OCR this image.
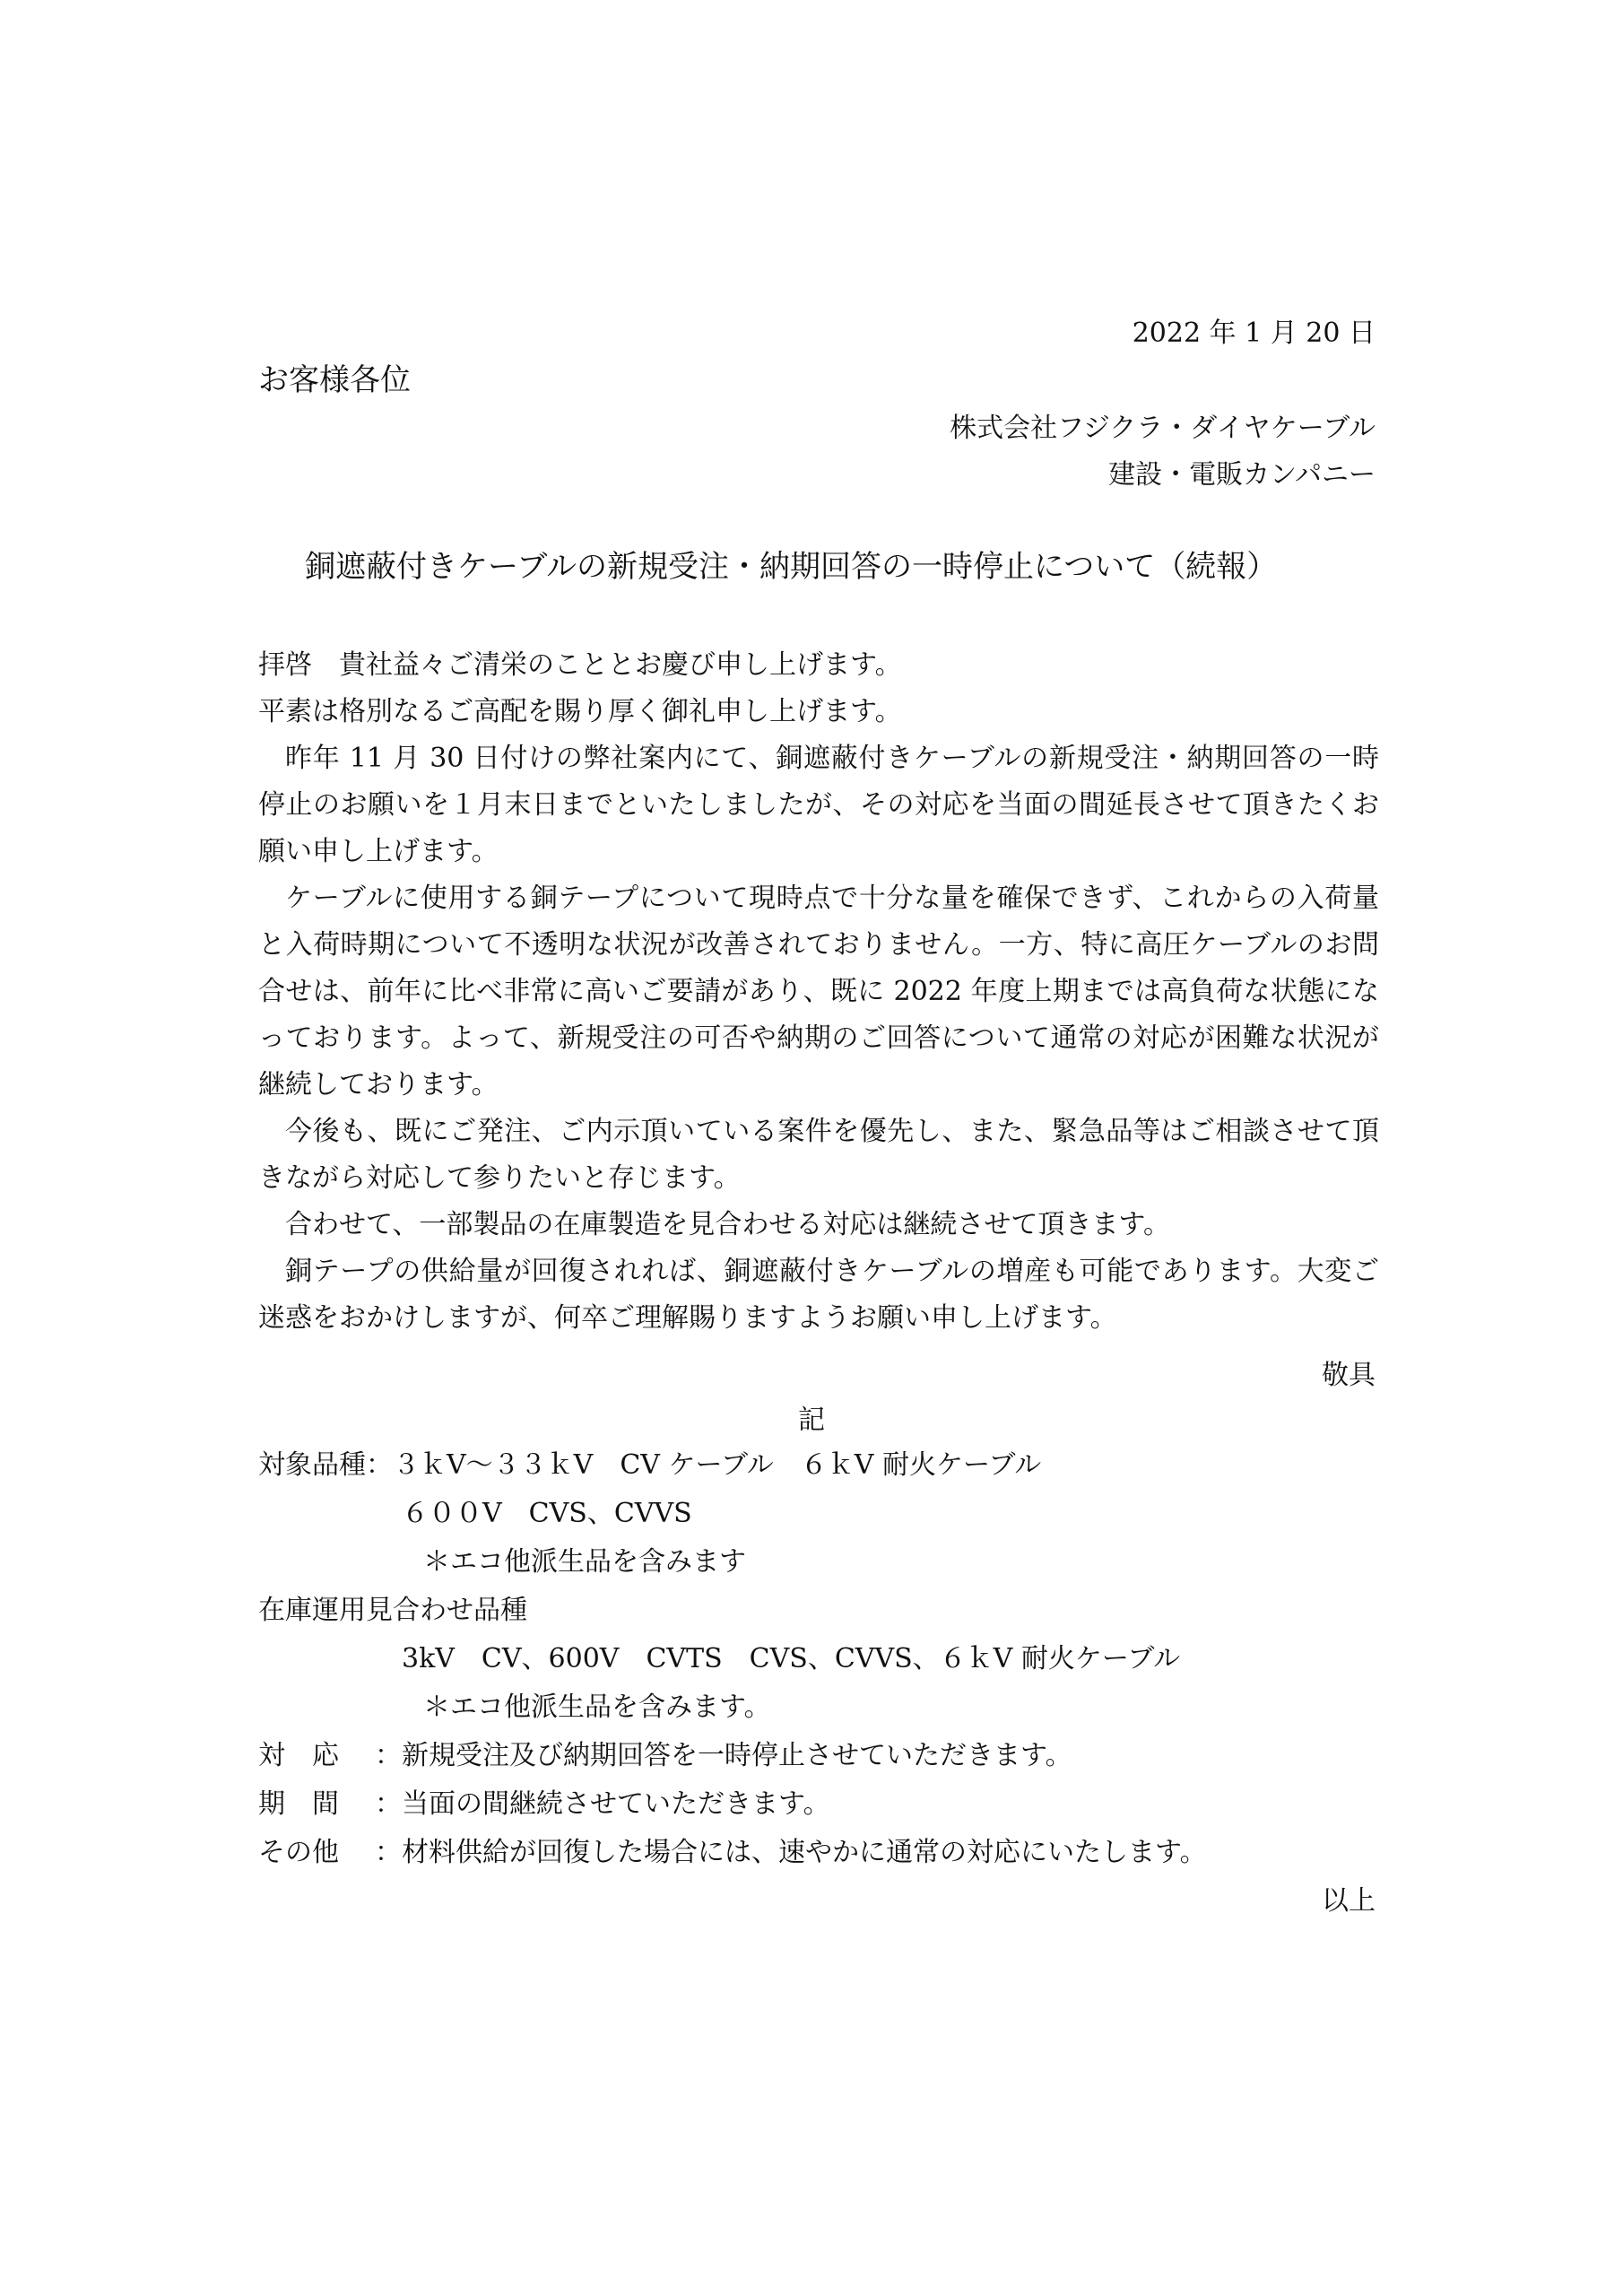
2022 年 1 月 20 日
お客様各位
株式会社フジクラ・ダイヤケーブル
建設・電販カンパニー
銅遮蔽付きケーブルの新規受注・納期回答の一時停止について（続報）

拝啓　貴社益々ご清栄のこととお慶び申し上げます。

平素は格別なるご高配を賜り厚く御礼申し上げます。

昨年 11 月 30 日付けの弊社案内にて、銅遮蔽付きケーブルの新規受注・納期回答の一時停止のお願いを１月末日までといたしましたが、その対応を当面の間延長させて頂きたくお願い申し上げます。

ケーブルに使用する銅テープについて現時点で十分な量を確保できず、これからの入荷量と入荷時期について不透明な状況が改善されておりません。一方、特に高圧ケーブルのお問合せは、前年に比べ非常に高いご要請があり、既に 2022 年度上期までは高負荷な状態になっております。よって、新規受注の可否や納期のご回答について通常の対応が困難な状況が継続しております。

今後も、既にご発注、ご内示頂いている案件を優先し、また、緊急品等はご相談させて頂きながら対応して参りたいと存じます。

合わせて、一部製品の在庫製造を見合わせる対応は継続させて頂きます。

銅テープの供給量が回復されれば、銅遮蔽付きケーブルの増産も可能であります。大変ご迷惑をおかけしますが、何卒ご理解賜りますようお願い申し上げます。

敬具
記
対象品種：３ｋV～３３ｋV　CV ケーブル　６ｋV 耐火ケーブル
６００V　CVS、CVVS
＊エコ他派生品を含みます
在庫運用見合わせ品種
3kV　CV、600V　CVTS　CVS、CVVS、６ｋV 耐火ケーブル
＊エコ他派生品を含みます。
対　応 ：新規受注及び納期回答を一時停止させていただきます。
期　間 ：当面の間継続させていただきます。
その他 ：材料供給が回復した場合には、速やかに通常の対応にいたします。
以上
